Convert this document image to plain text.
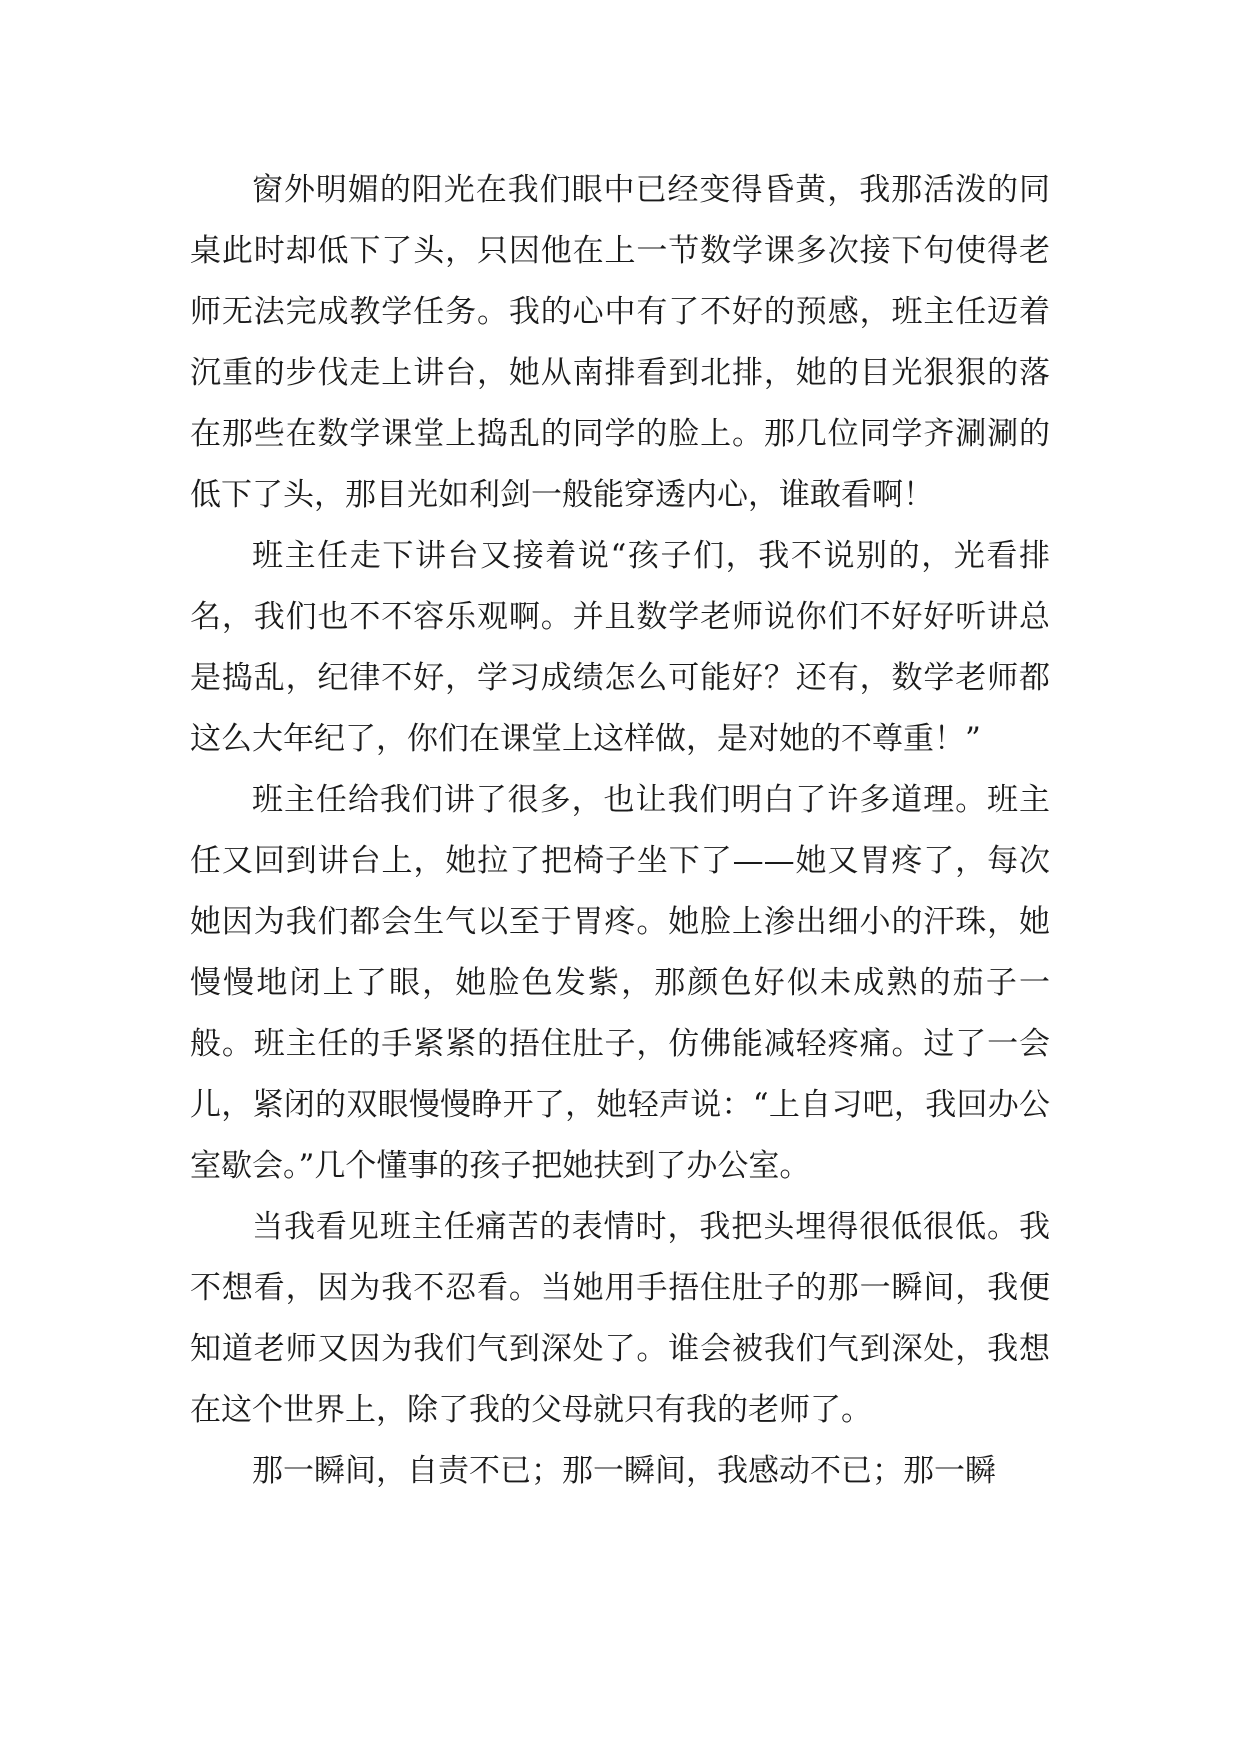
窗外明媚的阳光在我们眼中已经变得昏黄，我那活泼的同桌此时却低下了头，只因他在上一节数学课多次接下句使得老师无法完成教学任务。我的心中有了不好的预感，班主任迈着沉重的步伐走上讲台，她从南排看到北排，她的目光狠狠的落在那些在数学课堂上捣乱的同学的脸上。那几位同学齐涮涮的低下了头，那目光如利剑一般能穿透内心，谁敢看啊！

班主任走下讲台又接着说“孩子们，我不说别的，光看排名，我们也不不容乐观啊。并且数学老师说你们不好好听讲总是捣乱，纪律不好，学习成绩怎么可能好？还有，数学老师都这么大年纪了，你们在课堂上这样做，是对她的不尊重！”

班主任给我们讲了很多，也让我们明白了许多道理。班主任又回到讲台上，她拉了把椅子坐下了——她又胃疼了，每次她因为我们都会生气以至于胃疼。她脸上渗出细小的汗珠，她慢慢地闭上了眼，她脸色发紫，那颜色好似未成熟的茄子一般。班主任的手紧紧的捂住肚子，仿佛能减轻疼痛。过了一会儿，紧闭的双眼慢慢睁开了，她轻声说：“上自习吧，我回办公室歇会。”几个懂事的孩子把她扶到了办公室。

当我看见班主任痛苦的表情时，我把头埋得很低很低。我不想看，因为我不忍看。当她用手捂住肚子的那一瞬间，我便知道老师又因为我们气到深处了。谁会被我们气到深处，我想在这个世界上，除了我的父母就只有我的老师了。

那一瞬间，自责不已；那一瞬间，我感动不已；那一瞬
